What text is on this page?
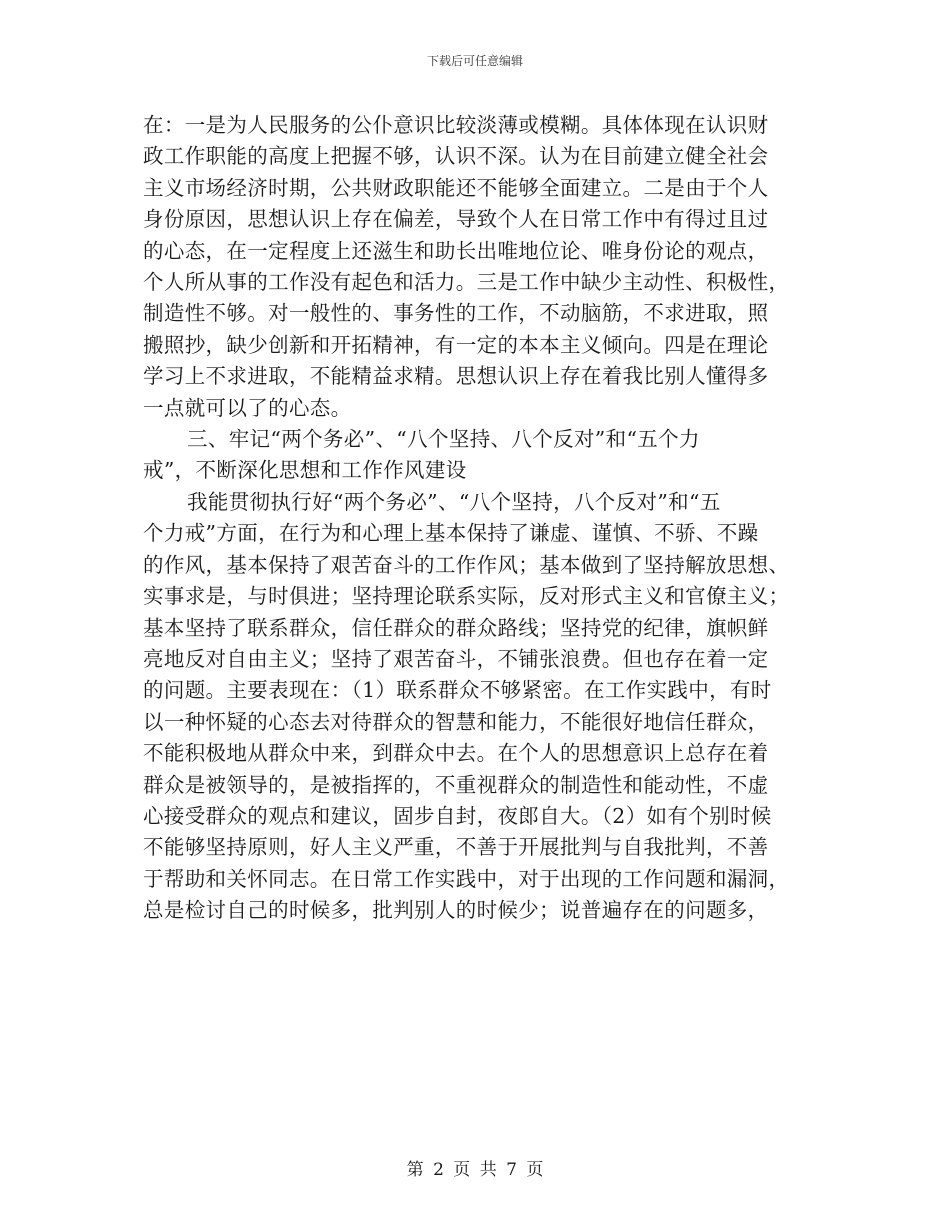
下载后可任意编辑
在：一是为人民服务的公仆意识比较淡薄或模糊。具体体现在认识财
政工作职能的高度上把握不够，认识不深。认为在目前建立健全社会
主义市场经济时期，公共财政职能还不能够全面建立。二是由于个人
身份原因，思想认识上存在偏差，导致个人在日常工作中有得过且过
的心态，在一定程度上还滋生和助长出唯地位论、唯身份论的观点，
个人所从事的工作没有起色和活力。三是工作中缺少主动性、积极性，
制造性不够。对一般性的、事务性的工作，不动脑筋，不求进取，照
搬照抄，缺少创新和开拓精神，有一定的本本主义倾向。四是在理论
学习上不求进取，不能精益求精。思想认识上存在着我比别人懂得多
一点就可以了的心态。
三、牢记“两个务必”、“八个坚持、八个反对”和“五个力
戒”，不断深化思想和工作作风建设
我能贯彻执行好“两个务必”、“八个坚持，八个反对”和“五
个力戒”方面，在行为和心理上基本保持了谦虚、谨慎、不骄、不躁
的作风，基本保持了艰苦奋斗的工作作风；基本做到了坚持解放思想、
实事求是，与时俱进；坚持理论联系实际，反对形式主义和官僚主义；
基本坚持了联系群众，信任群众的群众路线；坚持党的纪律，旗帜鲜
亮地反对自由主义；坚持了艰苦奋斗，不铺张浪费。但也存在着一定
的问题。主要表现在：（1）联系群众不够紧密。在工作实践中，有时
以一种怀疑的心态去对待群众的智慧和能力，不能很好地信任群众，
不能积极地从群众中来，到群众中去。在个人的思想意识上总存在着
群众是被领导的，是被指挥的，不重视群众的制造性和能动性，不虚
心接受群众的观点和建议，固步自封，夜郎自大。（2）如有个别时候
不能够坚持原则，好人主义严重，不善于开展批判与自我批判，不善
于帮助和关怀同志。在日常工作实践中，对于出现的工作问题和漏洞，
总是检讨自己的时候多，批判别人的时候少；说普遍存在的问题多，
第 2 页 共 7 页
